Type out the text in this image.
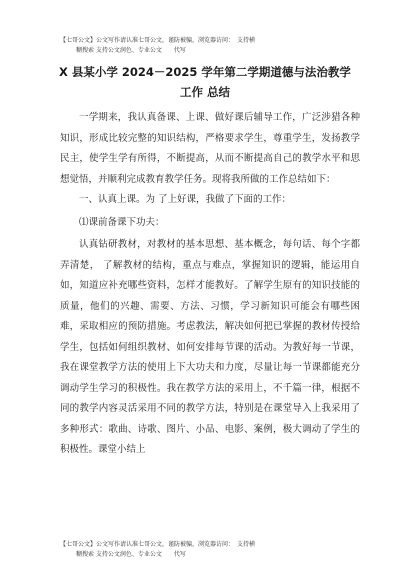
【七哥公文】公文写作请认准七哥公文，谨防被骗，浏览器访问：　支持横
糊搜索 支持公文润色、专业公文　　代写
X 县某小学 2024－2025 学年第二学期道德与法治教学
工作 总结

一学期来，我认真备课、上课、做好课后辅导工作，广泛涉猎各种知识，形成比较完整的知识结构，严格要求学生，尊重学生，发扬教学民主，使学生学有所得，不断提高，从而不断提高自己的教学水平和思想觉悟，并顺利完成教育教学任务。现将我所做的工作总结如下：

一、认真上课。为 了上好课，我做了下面的工作：

⑴课前备课下功夫：

认真钻研教材，对教材的基本思想、基本概念，每句话、每个字都弄清楚， 了解教材的结构，重点与难点，掌握知识的逻辑，能运用自如，知道应补充哪些资料，怎样才能教好。了解学生原有的知识技能的质量，他们的兴趣、需要、方法、习惯，学习新知识可能会有哪些困难，采取相应的预防措施。考虑教法，解决如何把已掌握的教材传授给学生，包括如何组织教材、如何安排每节课的活动。为教好每一节课，我在课堂教学方法的使用上下大功夫和力度，尽量让每一节课都能充分调动学生学习的积极性。我在教学方法的采用上，不千篇一律，根据不同的教学内容灵活采用不同的教学方法，特别是在课堂导入上我采用了多种形式：歌曲、诗歌、图片、小品、电影、案例，极大调动了学生的积极性。课堂小结上

【七哥公文】公文写作请认准七哥公文，谨防被骗，浏览器访问：　支持横
糊搜索 支持公文润色、专业公文　　代写
